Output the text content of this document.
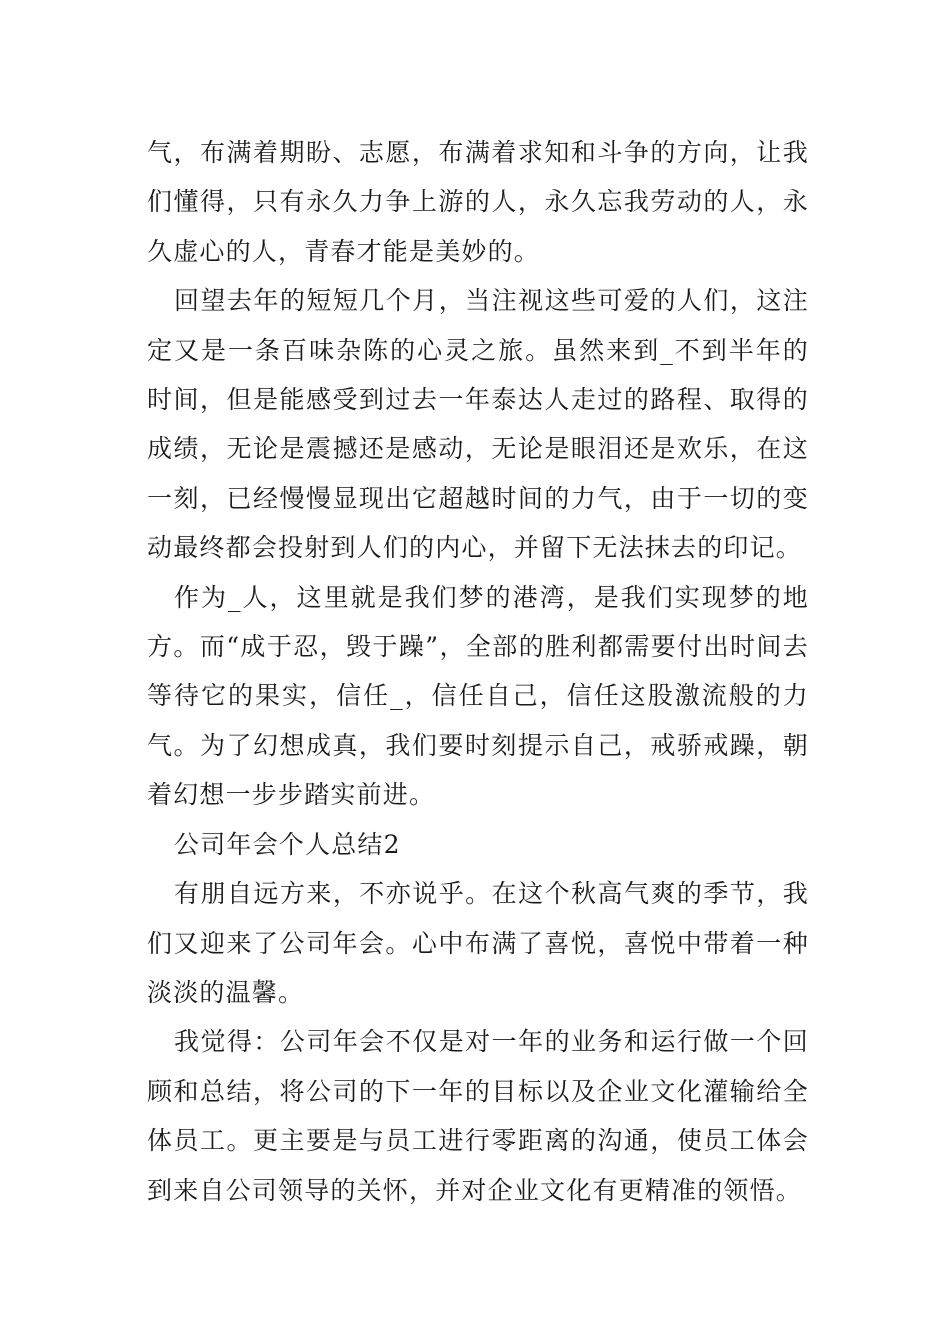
气，布满着期盼、志愿，布满着求知和斗争的方向，让我们懂得，只有永久力争上游的人，永久忘我劳动的人，永久虚心的人，青春才能是美妙的。

回望去年的短短几个月，当注视这些可爱的人们，这注定又是一条百味杂陈的心灵之旅。虽然来到_不到半年的时间，但是能感受到过去一年泰达人走过的路程、取得的成绩，无论是震撼还是感动，无论是眼泪还是欢乐，在这一刻，已经慢慢显现出它超越时间的力气，由于一切的变动最终都会投射到人们的内心，并留下无法抹去的印记。

作为_人，这里就是我们梦的港湾，是我们实现梦的地方。而“成于忍，毁于躁”，全部的胜利都需要付出时间去等待它的果实，信任_，信任自己，信任这股激流般的力气。为了幻想成真，我们要时刻提示自己，戒骄戒躁，朝着幻想一步步踏实前进。

公司年会个人总结2

有朋自远方来，不亦说乎。在这个秋高气爽的季节，我们又迎来了公司年会。心中布满了喜悦，喜悦中带着一种淡淡的温馨。

我觉得：公司年会不仅是对一年的业务和运行做一个回顾和总结，将公司的下一年的目标以及企业文化灌输给全体员工。更主要是与员工进行零距离的沟通，使员工体会到来自公司领导的关怀，并对企业文化有更精准的领悟。
